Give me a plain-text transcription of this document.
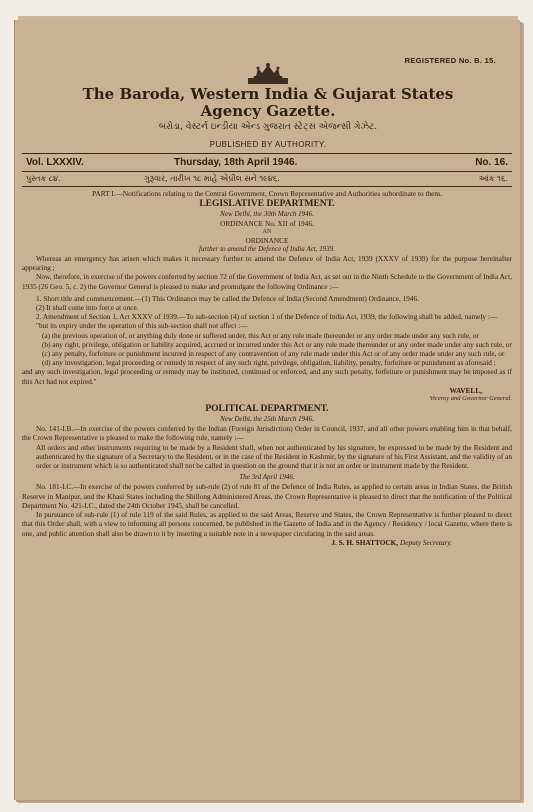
REGISTERED No. B. 15.
The Baroda, Western India & Gujarat States
Agency Gazette.
બરોડા, વેસ્ટર્ન ઇન્ડીયા એન્ડ ગુજરાત સ્ટેટ્સ એજન્સી ગેઝેટ.
PUBLISHED BY AUTHORITY.
Vol. LXXXIV.	Thursday, 18th April 1946.	No. 16.
પુસ્તક ૮૪.	ગુરૂવાર, તારીખ ૧૮ માહે એપ્રીલ સને ૧૯૪૬.	આંક ૧૬.

PART I.—Notifications relating to the Central Government, Crown Representative and Authorities subordinate to them.

LEGISLATIVE DEPARTMENT.
New Delhi, the 30th March 1946.
ORDINANCE No. XII of 1946.
AN
ORDINANCE
further to amend the Defence of India Act, 1939.

Whereas an emergency has arisen which makes it necessary further to amend the Defence of India Act, 1939 (XXXV of 1939) for the purpose hereinafter appearing ;

Now, therefore, in exercise of the powers conferred by section 72 of the Government of India Act, as set out in the Ninth Schedule to the Government of India Act, 1935 (26 Geo. 5, c. 2) the Governor General is pleased to make and promulgate the following Ordinance :—

1. Short title and commencement.—(1) This Ordinance may be called the Defence of India (Second Amendment) Ordinance, 1946.

(2) It shall come into force at once.

2. Amendment of Section 1, Act XXXV of 1939.—To sub-section (4) of section 1 of the Defence of India Act, 1939, the following shall be added, namely :—

"but its expiry under the operation of this sub-section shall not affect :—

(a) the previous operation of, or anything duly done or suffered under, this Act or any rule made thereunder or any order made under any such rule, or

(b) any right, privilege, obligation or liability acquired, accrued or incurred under this Act or any rule made thereunder or any order made under any such rule, or

(c) any penalty, forfeiture or punishment incurred in respect of any contravention of any rule made under this Act or of any order made under any such rule, or

(d) any investigation, legal proceeding or remedy in respect of any such right, privilege, obligation, liability, penalty, forfeiture or punishment as aforesaid ;

and any such investigation, legal proceeding or remedy may be instituted, continued or enforced, and any such penalty, forfeiture or punishment may be imposed as if this Act had not expired."

WAVELL,
Viceroy and Governor General.
POLITICAL DEPARTMENT.
New Delhi, the 25th March 1946.

No. 141-I.B.—In exercise of the powers conferred by the Indian (Foreign Jurisdiction) Order in Council, 1937, and all other powers enabling him in that behalf, the Crown Representative is pleased to make the following rule, namely :—

All orders and other instruments requiring to be made by a Resident shall, when not authenticated by his signature, be expressed to be made by the Resident and authenticated by the signature of a Secretary to the Resident, or in the case of the Resident in Kashmir, by the signature of his First Assistant, and the validity of an order or instrument which is so authenticated shall not be called in question on the ground that it is not an order or instrument made by the Resident.

The 3rd April 1946.

No. 181-I.C.—In exercise of the powers conferred by sub-rule (2) of rule 81 of the Defence of India Rules, as applied to certain areas in Indian States, the British Reserve in Manipur, and the Khasi States including the Shillong Administered Areas, the Crown Representative is pleased to direct that the notification of the Political Department No. 421-I.C., dated the 24th October 1945, shall be cancelled.

In pursuance of sub-rule (1) of rule 119 of the said Rules, as applied to the said Areas, Reserve and States, the Crown Representative is further pleased to direct that this Order shall, with a view to informing all persons concerned, be published in the Gazette of India and in the Agency / Residency / local Gazette, where there is one, and public attention shall also be drawn to it by inserting a suitable note in a newspaper circulating in the said areas.

J. S. H. SHATTOCK, Deputy Secretary.
